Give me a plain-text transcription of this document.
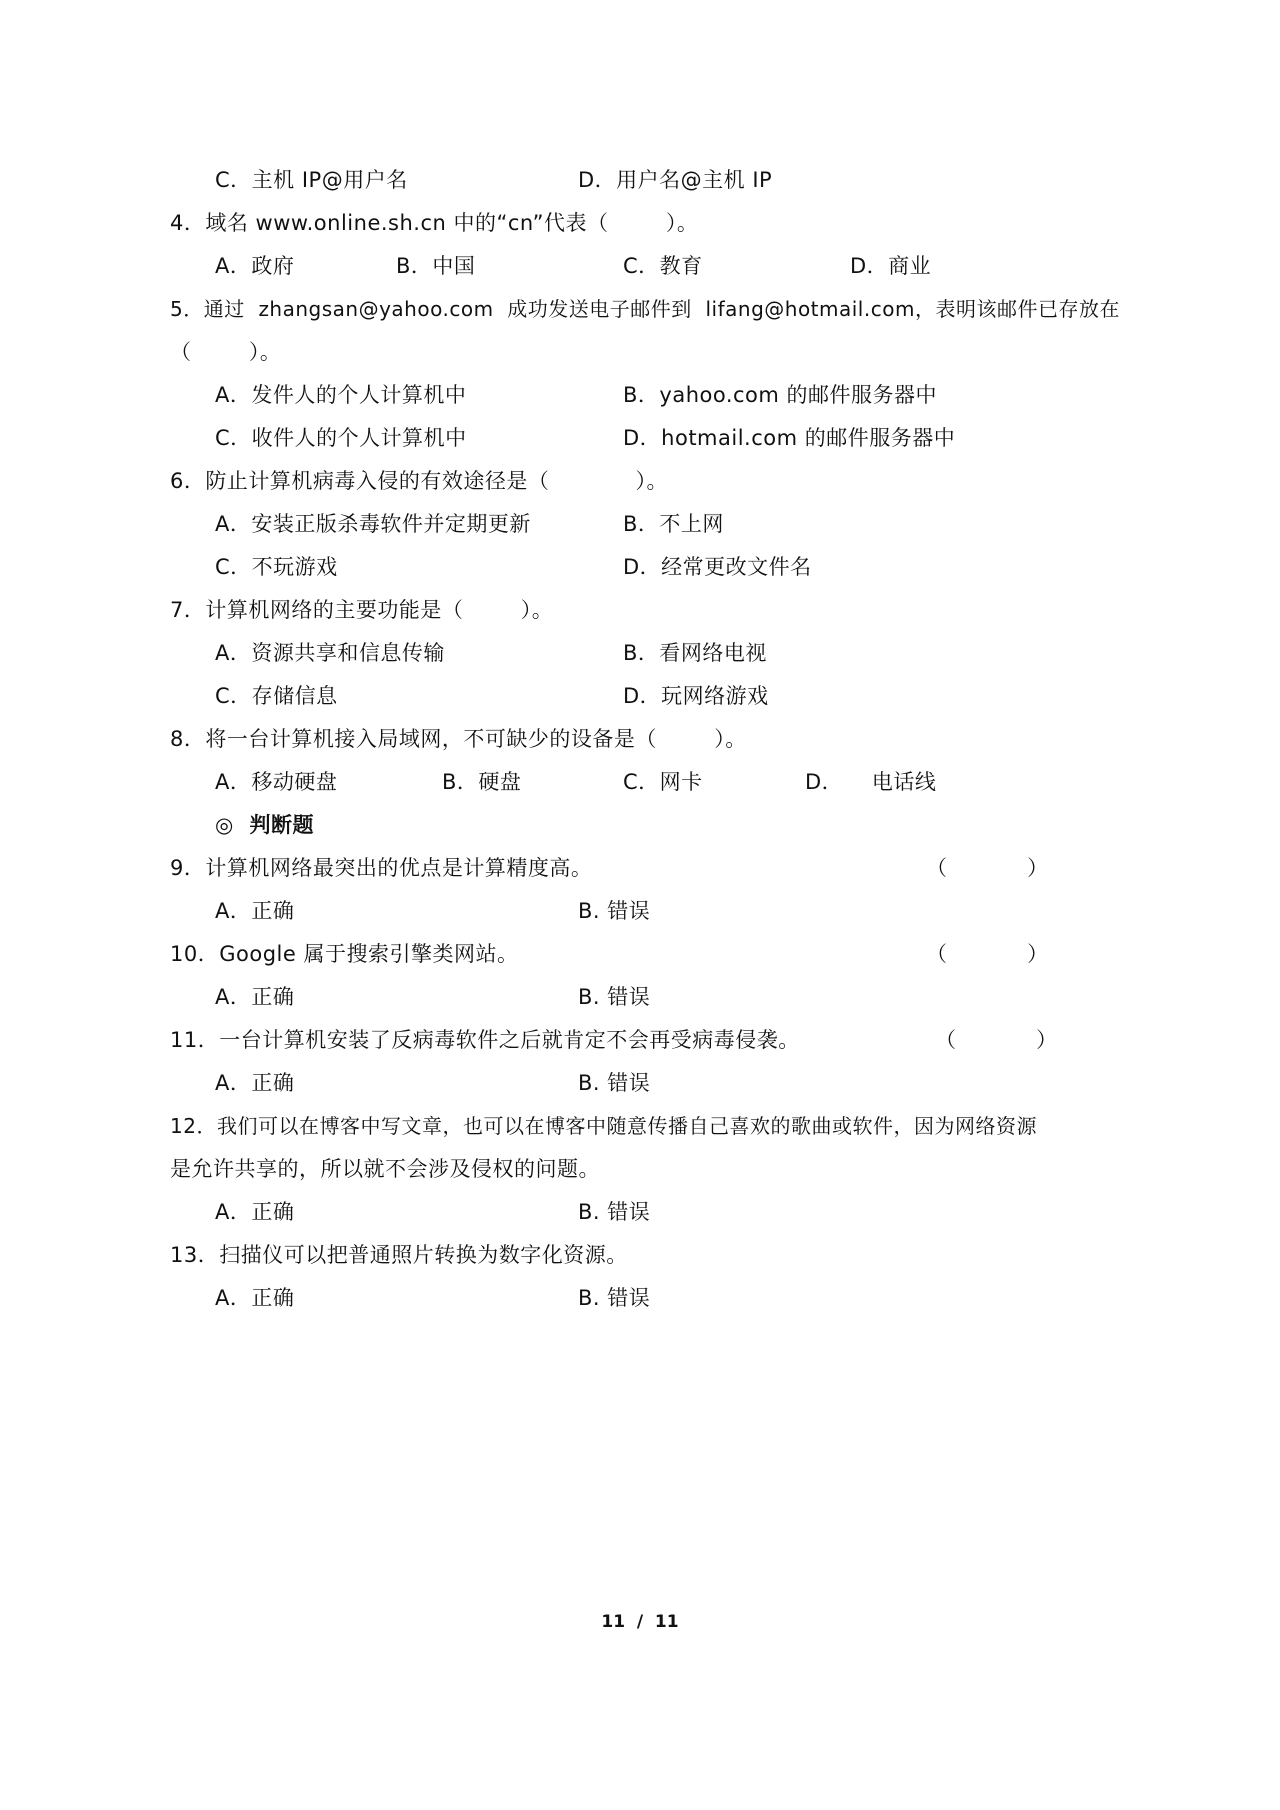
C．主机 IP@用户名	D．用户名@主机 IP
4．域名 www.online.sh.cn 中的“cn”代表（        ）。
A．政府	B．中国	C．教育	D．商业
5．通过  zhangsan@yahoo.com  成功发送电子邮件到  lifang@hotmail.com，表明该邮件已存放在
（        ）。
A．发件人的个人计算机中	B．yahoo.com 的邮件服务器中
C．收件人的个人计算机中	D．hotmail.com 的邮件服务器中
6．防止计算机病毒入侵的有效途径是（            ）。
A．安装正版杀毒软件并定期更新	B．不上网
C．不玩游戏	D．经常更改文件名
7．计算机网络的主要功能是（        ）。
A．资源共享和信息传输	B．看网络电视
C．存储信息	D．玩网络游戏
8．将一台计算机接入局域网，不可缺少的设备是（        ）。
A．移动硬盘	B．硬盘	C．网卡	D．    电话线
◎  判断题
9．计算机网络最突出的优点是计算精度高。	（            ）
A．正确	B. 错误
10．Google 属于搜索引擎类网站。	（            ）
A．正确	B. 错误
11．一台计算机安装了反病毒软件之后就肯定不会再受病毒侵袭。	（            ）
A．正确	B. 错误
12．我们可以在博客中写文章，也可以在博客中随意传播自己喜欢的歌曲或软件，因为网络资源
是允许共享的，所以就不会涉及侵权的问题。
A．正确	B. 错误
13．扫描仪可以把普通照片转换为数字化资源。
A．正确	B. 错误
11  /  11
